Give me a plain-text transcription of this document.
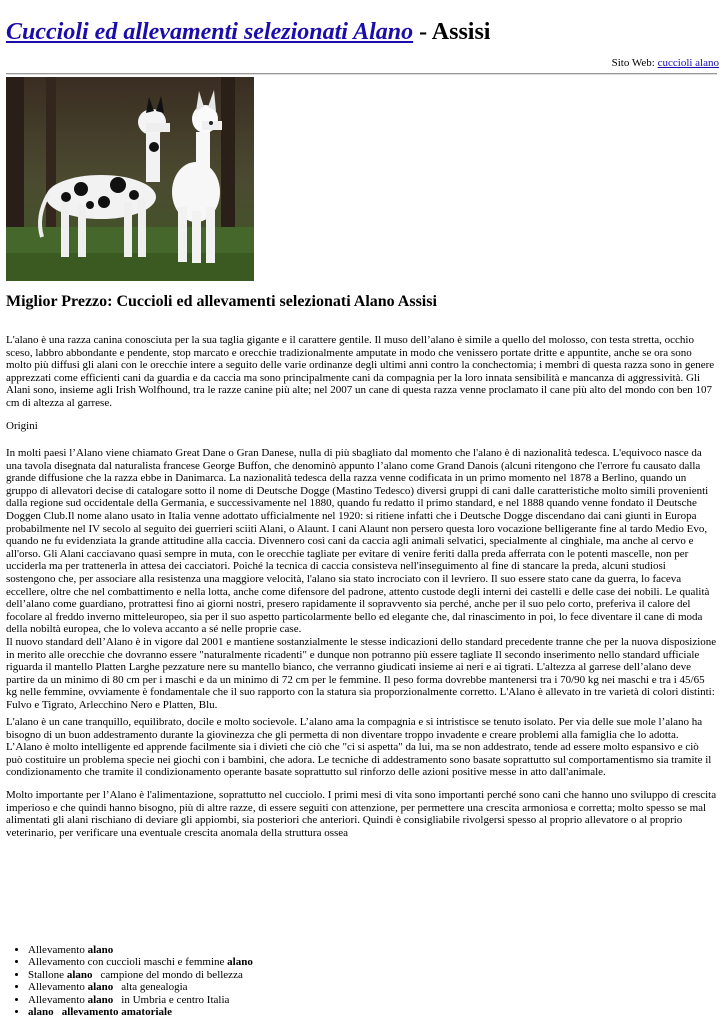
Cuccioli ed allevamenti selezionati Alano - Assisi
Sito Web: cuccioli alano
Miglior Prezzo: Cuccioli ed allevamenti selezionati Alano Assisi

L'alano è una razza canina conosciuta per la sua taglia gigante e il carattere gentile. Il muso dell’alano è simile a quello del molosso, con testa stretta, occhio sceso, labbro abbondante e pendente, stop marcato e orecchie tradizionalmente amputate in modo che venissero portate dritte e appuntite, anche se ora sono molto più diffusi gli alani con le orecchie intere a seguito delle varie ordinanze degli ultimi anni contro la conchectomia; i membri di questa razza sono in genere apprezzati come efficienti cani da guardia e da caccia ma sono principalmente cani da compagnia per la loro innata sensibilità e mancanza di aggressività. Gli Alani sono, insieme agli Irish Wolfhound, tra le razze canine più alte; nel 2007 un cane di questa razza venne proclamato il cane più alto del mondo con ben 107 cm di altezza al garrese.

Origini

In molti paesi l’Alano viene chiamato Great Dane o Gran Danese, nulla di più sbagliato dal momento che l'alano è di nazionalità tedesca. L'equivoco nasce da una tavola disegnata dal naturalista francese George Buffon, che denominò appunto l’alano come Grand Danois (alcuni ritengono che l'errore fu causato dalla grande diffusione che la razza ebbe in Danimarca. La nazionalità tedesca della razza venne codificata in un primo momento nel 1878 a Berlino, quando un gruppo di allevatori decise di catalogare sotto il nome di Deutsche Dogge (Mastino Tedesco) diversi gruppi di cani dalle caratteristiche molto simili provenienti dalla regione sud occidentale della Germania, e successivamente nel 1880, quando fu redatto il primo standard, e nel 1888 quando venne fondato il Deutsche Doggen Club.Il nome alano usato in Italia venne adottato ufficialmente nel 1920: si ritiene infatti che i Deutsche Dogge discendano dai cani giunti in Europa probabilmente nel IV secolo al seguito dei guerrieri sciiti Alani, o Alaunt. I cani Alaunt non persero questa loro vocazione belligerante fine al tardo Medio Evo, quando ne fu evidenziata la grande attitudine alla caccia. Divennero così cani da caccia agli animali selvatici, specialmente al cinghiale, ma anche al cervo e all'orso. Gli Alani cacciavano quasi sempre in muta, con le orecchie tagliate per evitare di venire feriti dalla preda afferrata con le potenti mascelle, non per ucciderla ma per trattenerla in attesa dei cacciatori. Poiché la tecnica di caccia consisteva nell'inseguimento al fine di stancare la preda, alcuni studiosi sostengono che, per associare alla resistenza una maggiore velocità, l'alano sia stato incrociato con il levriero. Il suo essere stato cane da guerra, lo faceva eccellere, oltre che nel combattimento e nella lotta, anche come difensore del padrone, attento custode degli interni dei castelli e delle case dei nobili. Le qualità dell’alano come guardiano, protrattesi fino ai giorni nostri, presero rapidamente il sopravvento sia perché, anche per il suo pelo corto, preferiva il calore del focolare al freddo inverno mitteleuropeo, sia per il suo aspetto particolarmente bello ed elegante che, dal rinascimento in poi, lo fece diventare il cane di moda della nobiltà europea, che lo voleva accanto a sé nelle proprie case.
Il nuovo standard dell’Alano è in vigore dal 2001 e mantiene sostanzialmente le stesse indicazioni dello standard precedente tranne che per la nuova disposizione in merito alle orecchie che dovranno essere "naturalmente ricadenti" e dunque non potranno più essere tagliate Il secondo inserimento nello standard ufficiale riguarda il mantello Platten Larghe pezzature nere su mantello bianco, che verranno giudicati insieme ai neri e ai tigrati. L'altezza al garrese dell’alano deve partire da un minimo di 80 cm per i maschi e da un minimo di 72 cm per le femmine. Il peso forma dovrebbe mantenersi tra i 70/90 kg nei maschi e tra i 45/65 kg nelle femmine, ovviamente è fondamentale che il suo rapporto con la statura sia proporzionalmente corretto. L'Alano è allevato in tre varietà di colori distinti: Fulvo e Tigrato, Arlecchino Nero e Platten, Blu.

L'alano è un cane tranquillo, equilibrato, docile e molto socievole. L’alano ama la compagnia e si intristisce se tenuto isolato. Per via delle sue mole l’alano ha bisogno di un buon addestramento durante la giovinezza che gli permetta di non diventare troppo invadente e creare problemi alla famiglia che lo adotta. L’Alano è molto intelligente ed apprende facilmente sia i divieti che ciò che "ci si aspetta" da lui, ma se non addestrato, tende ad essere molto espansivo e ciò può costituire un problema specie nei giochi con i bambini, che adora. Le tecniche di addestramento sono basate soprattutto sul comportamentismo sia tramite il condizionamento che tramite il condizionamento operante basate soprattutto sul rinforzo delle azioni positive messe in atto dall'animale.

Molto importante per l’Alano è l'alimentazione, soprattutto nel cucciolo. I primi mesi di vita sono importanti perché sono cani che hanno uno sviluppo di crescita imperioso e che quindi hanno bisogno, più di altre razze, di essere seguiti con attenzione, per permettere una crescita armoniosa e corretta; molto spesso se mal alimentati gli alani rischiano di deviare gli appiombi, sia posteriori che anteriori. Quindi è consigliabile rivolgersi spesso al proprio allevatore o al proprio veterinario, per verificare una eventuale crescita anomala della struttura ossea

• Allevamento alano
• Allevamento con cuccioli maschi e femmine alano
• Stallone alano campione del mondo di bellezza
• Allevamento alano alta genealogia
• Allevamento alano in Umbria e centro Italia
• alano allevamento amatoriale
